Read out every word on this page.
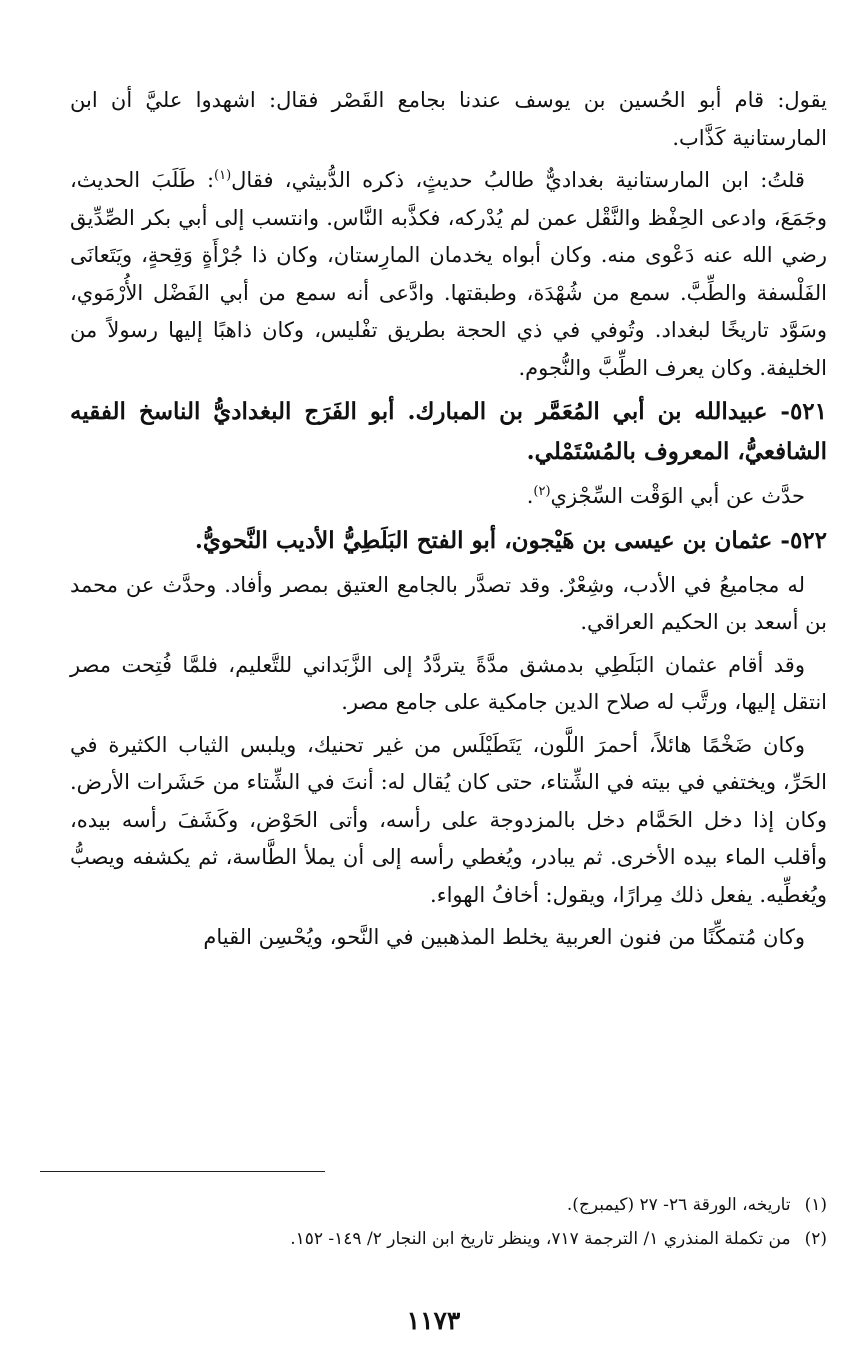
يقول: قام أبو الحُسين بن يوسف عندنا بجامع القَصْر فقال: اشهدوا عليَّ أن ابن المارستانية كَذَّاب.

قلتُ: ابن المارستانية بغداديٌّ طالبُ حديثٍ، ذكره الدُّبيثي، فقال$^{(١)}$: طَلَبَ الحديث، وجَمَعَ، وادعى الحِفْظ والنَّقْل عمن لم يُدْركه، فكذَّبه النَّاس. وانتسب إلى أبي بكر الصِّدِّيق رضي الله عنه دَعْوى منه. وكان أبواه يخدمان المارِستان، وكان ذا جُرْأَةٍ وَقِحةٍ، ويَتَعانَى الفَلْسفة والطِّبَّ. سمع من شُهْدَة، وطبقتها. وادَّعى أنه سمع من أبي الفَضْل الأُرْمَوي، وسَوَّد تاريخًا لبغداد. وتُوفي في ذي الحجة بطريق تفْليس، وكان ذاهبًا إليها رسولاً من الخليفة. وكان يعرف الطِّبَّ والنُّجوم.

٥٢١- عبيدالله بن أبي المُعَمَّر بن المبارك. أبو الفَرَج البغداديُّ الناسخ الفقيه الشافعيُّ، المعروف بالمُسْتَمْلي.

حدَّث عن أبي الوَقْت السِّجْزي$^{(٢)}$.

٥٢٢- عثمان بن عيسى بن هَيْجون، أبو الفتح البَلَطِيُّ الأديب النَّحويُّ.

له مجاميعُ في الأدب، وشِعْرٌ. وقد تصدَّر بالجامع العتيق بمصر وأفاد. وحدَّث عن محمد بن أسعد بن الحكيم العراقي.

وقد أقام عثمان البَلَطِي بدمشق مدَّةً يتردَّدُ إلى الزَّبَداني للتَّعليم، فلمَّا فُتِحت مصر انتقل إليها، ورتَّب له صلاح الدين جامكية على جامع مصر.

وكان ضَخْمًا هائلاً، أحمرَ اللَّون، يَتَطَيْلَس من غير تحنيك، ويلبس الثياب الكثيرة في الحَرِّ، ويختفي في بيته في الشِّتاء، حتى كان يُقال له: أنتَ في الشِّتاء من حَشَرات الأرض. وكان إذا دخل الحَمَّام دخل بالمزدوجة على رأسه، وأتى الحَوْض، وكَشَفَ رأسه بيده، وأقلب الماء بيده الأخرى. ثم يبادر، ويُغطي رأسه إلى أن يملأ الطَّاسة، ثم يكشفه ويصبُّ ويُغطِّيه. يفعل ذلك مِرارًا، ويقول: أخافُ الهواء.

وكان مُتمكِّنًا من فنون العربية يخلط المذهبين في النَّحو، ويُحْسِن القيام

(١)
تاريخه، الورقة ٢٦- ٢٧ (كيمبرج).
(٢)
من تكملة المنذري ١/ الترجمة ٧١٧، وينظر تاريخ ابن النجار ٢/ ١٤٩- ١٥٢.
١١٧٣
